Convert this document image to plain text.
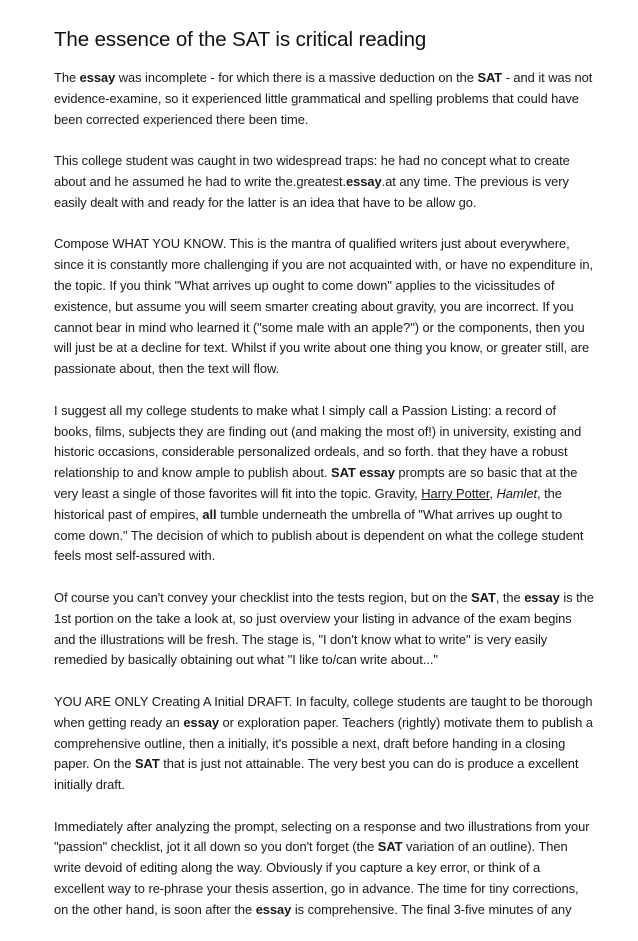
The essence of the SAT is critical reading

The essay was incomplete - for which there is a massive deduction on the SAT - and it was not evidence-examine, so it experienced little grammatical and spelling problems that could have been corrected experienced there been time.

This college student was caught in two widespread traps: he had no concept what to create about and he assumed he had to write the.greatest.essay.at any time. The previous is very easily dealt with and ready for the latter is an idea that have to be allow go.

Compose WHAT YOU KNOW. This is the mantra of qualified writers just about everywhere, since it is constantly more challenging if you are not acquainted with, or have no expenditure in, the topic. If you think "What arrives up ought to come down" applies to the vicissitudes of existence, but assume you will seem smarter creating about gravity, you are incorrect. If you cannot bear in mind who learned it ("some male with an apple?") or the components, then you will just be at a decline for text. Whilst if you write about one thing you know, or greater still, are passionate about, then the text will flow.

I suggest all my college students to make what I simply call a Passion Listing: a record of books, films, subjects they are finding out (and making the most of!) in university, existing and historic occasions, considerable personalized ordeals, and so forth. that they have a robust relationship to and know ample to publish about. SAT essay prompts are so basic that at the very least a single of those favorites will fit into the topic. Gravity, Harry Potter, Hamlet, the historical past of empires, all tumble underneath the umbrella of "What arrives up ought to come down." The decision of which to publish about is dependent on what the college student feels most self-assured with.

Of course you can't convey your checklist into the tests region, but on the SAT, the essay is the 1st portion on the take a look at, so just overview your listing in advance of the exam begins and the illustrations will be fresh. The stage is, "I don't know what to write" is very easily remedied by basically obtaining out what "I like to/can write about..."

YOU ARE ONLY Creating A Initial DRAFT. In faculty, college students are taught to be thorough when getting ready an essay or exploration paper. Teachers (rightly) motivate them to publish a comprehensive outline, then a initially, it's possible a next, draft before handing in a closing paper. On the SAT that is just not attainable. The very best you can do is produce a excellent initially draft.

Immediately after analyzing the prompt, selecting on a response and two illustrations from your "passion" checklist, jot it all down so you don't forget (the SAT variation of an outline). Then write devoid of editing along the way. Obviously if you capture a key error, or think of a excellent way to re-phrase your thesis assertion, go in advance. The time for tiny corrections, on the other hand, is soon after the essay is comprehensive. The final 3-five minutes of any
